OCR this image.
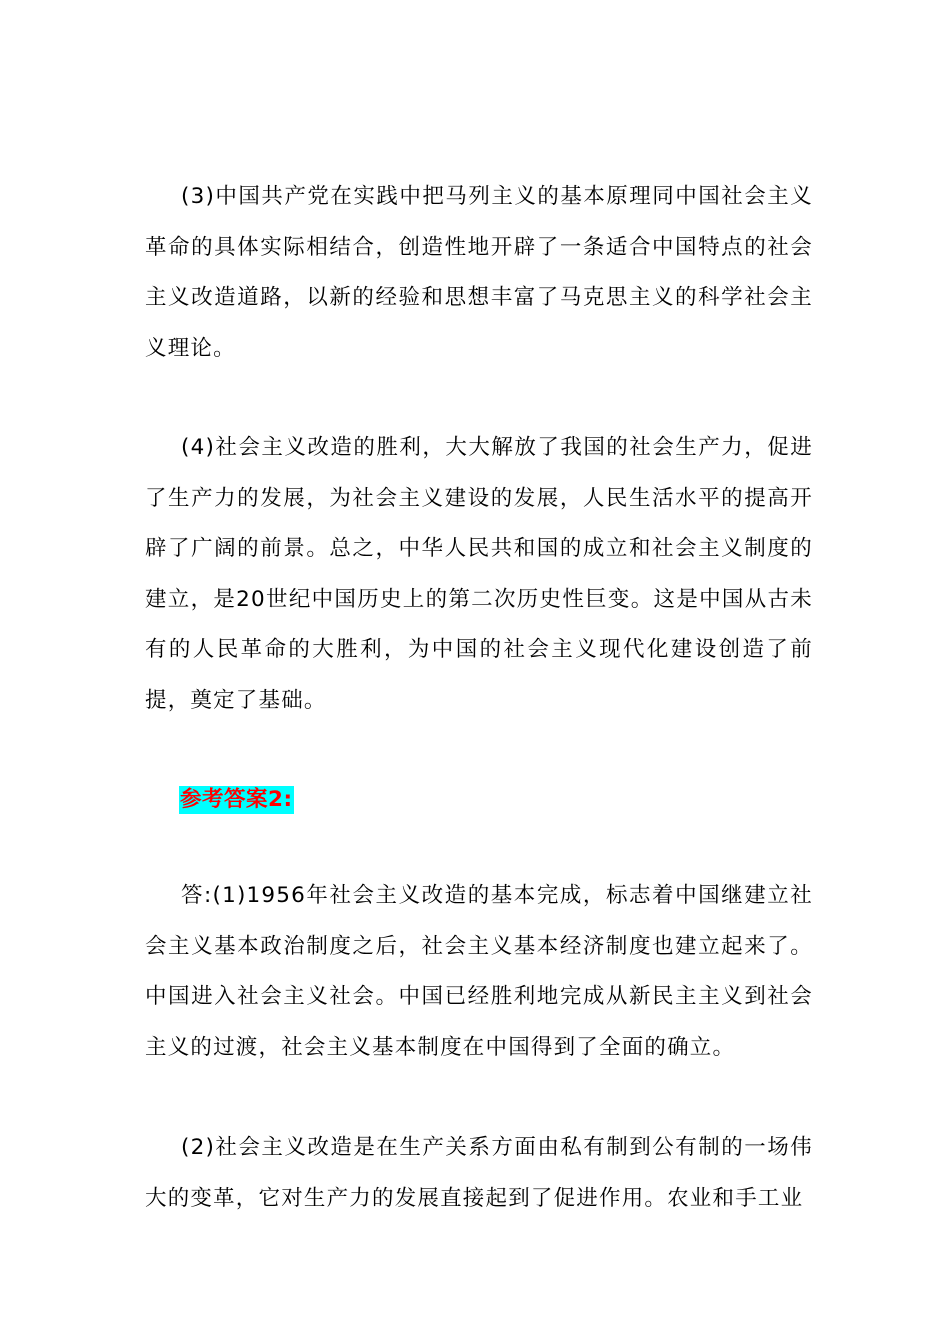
(3)中国共产党在实践中把马列主义的基本原理同中国社会主义革命的具体实际相结合，创造性地开辟了一条适合中国特点的社会主义改造道路，以新的经验和思想丰富了马克思主义的科学社会主义理论。

(4)社会主义改造的胜利，大大解放了我国的社会生产力，促进了生产力的发展，为社会主义建设的发展，人民生活水平的提高开辟了广阔的前景。总之，中华人民共和国的成立和社会主义制度的建立，是20世纪中国历史上的第二次历史性巨变。这是中国从古未有的人民革命的大胜利，为中国的社会主义现代化建设创造了前提，奠定了基础。

参考答案2:

答:(1)1956年社会主义改造的基本完成，标志着中国继建立社会主义基本政治制度之后，社会主义基本经济制度也建立起来了。中国进入社会主义社会。中国已经胜利地完成从新民主主义到社会主义的过渡，社会主义基本制度在中国得到了全面的确立。

(2)社会主义改造是在生产关系方面由私有制到公有制的一场伟大的变革，它对生产力的发展直接起到了促进作用。农业和手工业
